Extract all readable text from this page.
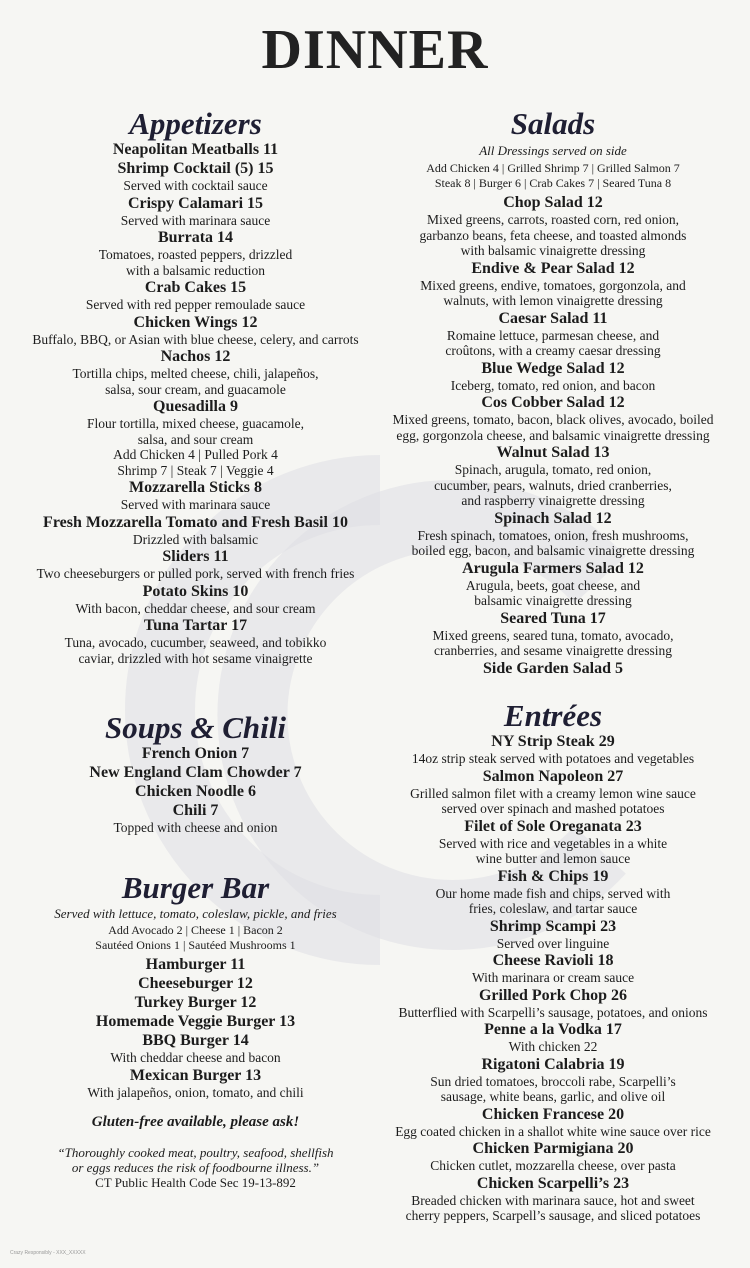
DINNER
Appetizers
Neapolitan Meatballs 11
Shrimp Cocktail (5) 15
Served with cocktail sauce
Crispy Calamari 15
Served with marinara sauce
Burrata 14
Tomatoes, roasted peppers, drizzled
with a balsamic reduction
Crab Cakes 15
Served with red pepper remoulade sauce
Chicken Wings 12
Buffalo, BBQ, or Asian with blue cheese, celery, and carrots
Nachos 12
Tortilla chips, melted cheese, chili, jalapeños,
salsa, sour cream, and guacamole
Quesadilla 9
Flour tortilla, mixed cheese, guacamole,
salsa, and sour cream
Add Chicken 4 | Pulled Pork 4
Shrimp 7 | Steak 7 | Veggie 4
Mozzarella Sticks 8
Served with marinara sauce
Fresh Mozzarella Tomato and Fresh Basil 10
Drizzled with balsamic
Sliders 11
Two cheeseburgers or pulled pork, served with french fries
Potato Skins 10
With bacon, cheddar cheese, and sour cream
Tuna Tartar 17
Tuna, avocado, cucumber, seaweed, and tobikko
caviar, drizzled with hot sesame vinaigrette
Soups & Chili
French Onion 7
New England Clam Chowder 7
Chicken Noodle 6
Chili 7
Topped with cheese and onion
Burger Bar
Served with lettuce, tomato, coleslaw, pickle, and fries
Add Avocado 2 | Cheese 1 | Bacon 2
Sautéed Onions 1 | Sautéed Mushrooms 1
Hamburger 11
Cheeseburger 12
Turkey Burger 12
Homemade Veggie Burger 13
BBQ Burger 14
With cheddar cheese and bacon
Mexican Burger 13
With jalapeños, onion, tomato, and chili
Gluten-free available, please ask!
“Thoroughly cooked meat, poultry, seafood, shellfish
or eggs reduces the risk of foodbourne illness.”
CT Public Health Code Sec 19-13-892
Salads
All Dressings served on side
Add Chicken 4 | Grilled Shrimp 7 | Grilled Salmon 7
Steak 8 | Burger 6 | Crab Cakes 7 | Seared Tuna 8
Chop Salad 12
Mixed greens, carrots, roasted corn, red onion,
garbanzo beans, feta cheese, and toasted almonds
with balsamic vinaigrette dressing
Endive & Pear Salad 12
Mixed greens, endive, tomatoes, gorgonzola, and
walnuts, with lemon vinaigrette dressing
Caesar Salad 11
Romaine lettuce, parmesan cheese, and
croûtons, with a creamy caesar dressing
Blue Wedge Salad 12
Iceberg, tomato, red onion, and bacon
Cos Cobber Salad 12
Mixed greens, tomato, bacon, black olives, avocado, boiled
egg, gorgonzola cheese, and balsamic vinaigrette dressing
Walnut Salad 13
Spinach, arugula, tomato, red onion,
cucumber, pears, walnuts, dried cranberries,
and raspberry vinaigrette dressing
Spinach Salad 12
Fresh spinach, tomatoes, onion, fresh mushrooms,
boiled egg, bacon, and balsamic vinaigrette dressing
Arugula Farmers Salad 12
Arugula, beets, goat cheese, and
balsamic vinaigrette dressing
Seared Tuna 17
Mixed greens, seared tuna, tomato, avocado,
cranberries, and sesame vinaigrette dressing
Side Garden Salad 5
Entrées
NY Strip Steak 29
14oz strip steak served with potatoes and vegetables
Salmon Napoleon 27
Grilled salmon filet with a creamy lemon wine sauce
served over spinach and mashed potatoes
Filet of Sole Oreganata 23
Served with rice and vegetables in a white
wine butter and lemon sauce
Fish & Chips 19
Our home made fish and chips, served with
fries, coleslaw, and tartar sauce
Shrimp Scampi 23
Served over linguine
Cheese Ravioli 18
With marinara or cream sauce
Grilled Pork Chop 26
Butterflied with Scarpelli’s sausage, potatoes, and onions
Penne a la Vodka 17
With chicken 22
Rigatoni Calabria 19
Sun dried tomatoes, broccoli rabe, Scarpelli’s
sausage, white beans, garlic, and olive oil
Chicken Francese 20
Egg coated chicken in a shallot white wine sauce over rice
Chicken Parmigiana 20
Chicken cutlet, mozzarella cheese, over pasta
Chicken Scarpelli’s 23
Breaded chicken with marinara sauce, hot and sweet
cherry peppers, Scarpell’s sausage, and sliced potatoes
Crazy Responsibly - XXX_XXXXX
